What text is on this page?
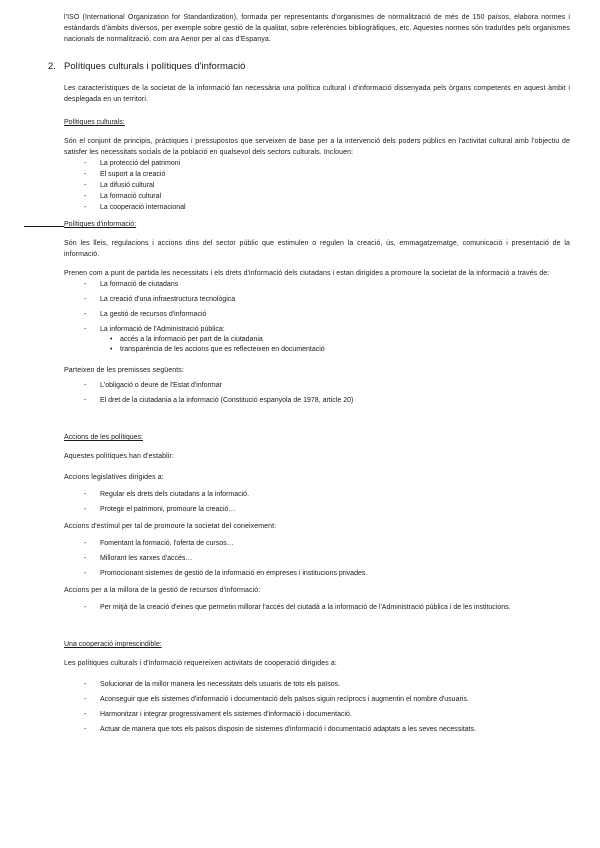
l'ISO (International Organization for Standardization), formada per representants d'organismes de normalització de més de 150 països, elabora normes i estàndards d'àmbits diversos, per exemple sobre gestió de la qualitat, sobre referències bibliogràfiques, etc. Aquestes normes són traduïdes pels organismes nacionals de normalització, com ara Aenor per al cas d'Espanya.

2. Polítiques culturals i polítiques d'informació

Les característiques de la societat de la informació fan necessària una política cultural i d'informació dissenyada pels òrgans competents en aquest àmbit i desplegada en un territori.

Polítiques culturals:

Són el conjunt de principis, pràctiques i pressupostos que serveixen de base per a la intervenció dels poders públics en l'activitat cultural amb l'objectiu de satisfer les necessitats socials de la població en qualsevol dels sectors culturals. Inclouen:

- La protecció del patrimoni
- El suport a la creació
- La difusió cultural
- La formació cultural
- La cooperació internacional
Polítiques d'informació:

Són les lleis, regulacions i accions dins del sector públic que estimulen o regulen la creació, ús, emmagatzematge, comunicació i presentació de la informació.

Prenen com a punt de partida les necessitats i els drets d'informació dels ciutadans i estan dirigides a promoure la societat de la informació a través de:

- La formació de ciutadans
- La creació d'una infraestructura tecnològica
- La gestió de recursos d'informació
- La informació de l'Administració pública:
• accés a la informació per part de la ciutadania
• transparència de les accions que es reflecteixen en documentació

Parteixen de les premisses següents:

- L'obligació o deure de l'Estat d'informar
- El dret de la ciutadania a la informació (Constitució espanyola de 1978, article 20)
Accions de les polítiques:

Aquestes polítiques han d'establir:

Accions legislatives dirigides a:

- Regular els drets dels ciutadans a la informació.
- Protegir el patrimoni, promoure la creació…

Accions d'estímul per tal de promoure la societat del coneixement:

- Fomentant la formació, l'oferta de cursos…
- Millorant les xarxes d'accés…
- Promocionant sistemes de gestió de la informació en empreses i institucions privades.

Accions per a la millora de la gestió de recursos d'informació:

- Per mitjà de la creació d'eines que permetin millorar l'accés del ciutadà a la informació de l'Administració pública i de les institucions.
Una cooperació imprescindible:

Les polítiques culturals i d'informació requereixen activitats de cooperació dirigides a:

- Solucionar de la millor manera les necessitats dels usuaris de tots els països.
- Aconseguir que els sistemes d'informació i documentació dels països siguin recíprocs i augmentin el nombre d'usuaris.
- Harmonitzar i integrar progressivament els sistemes d'informació i documentació.
- Actuar de manera que tots els països disposin de sistemes d'informació i documentació adaptats a les seves necessitats.
